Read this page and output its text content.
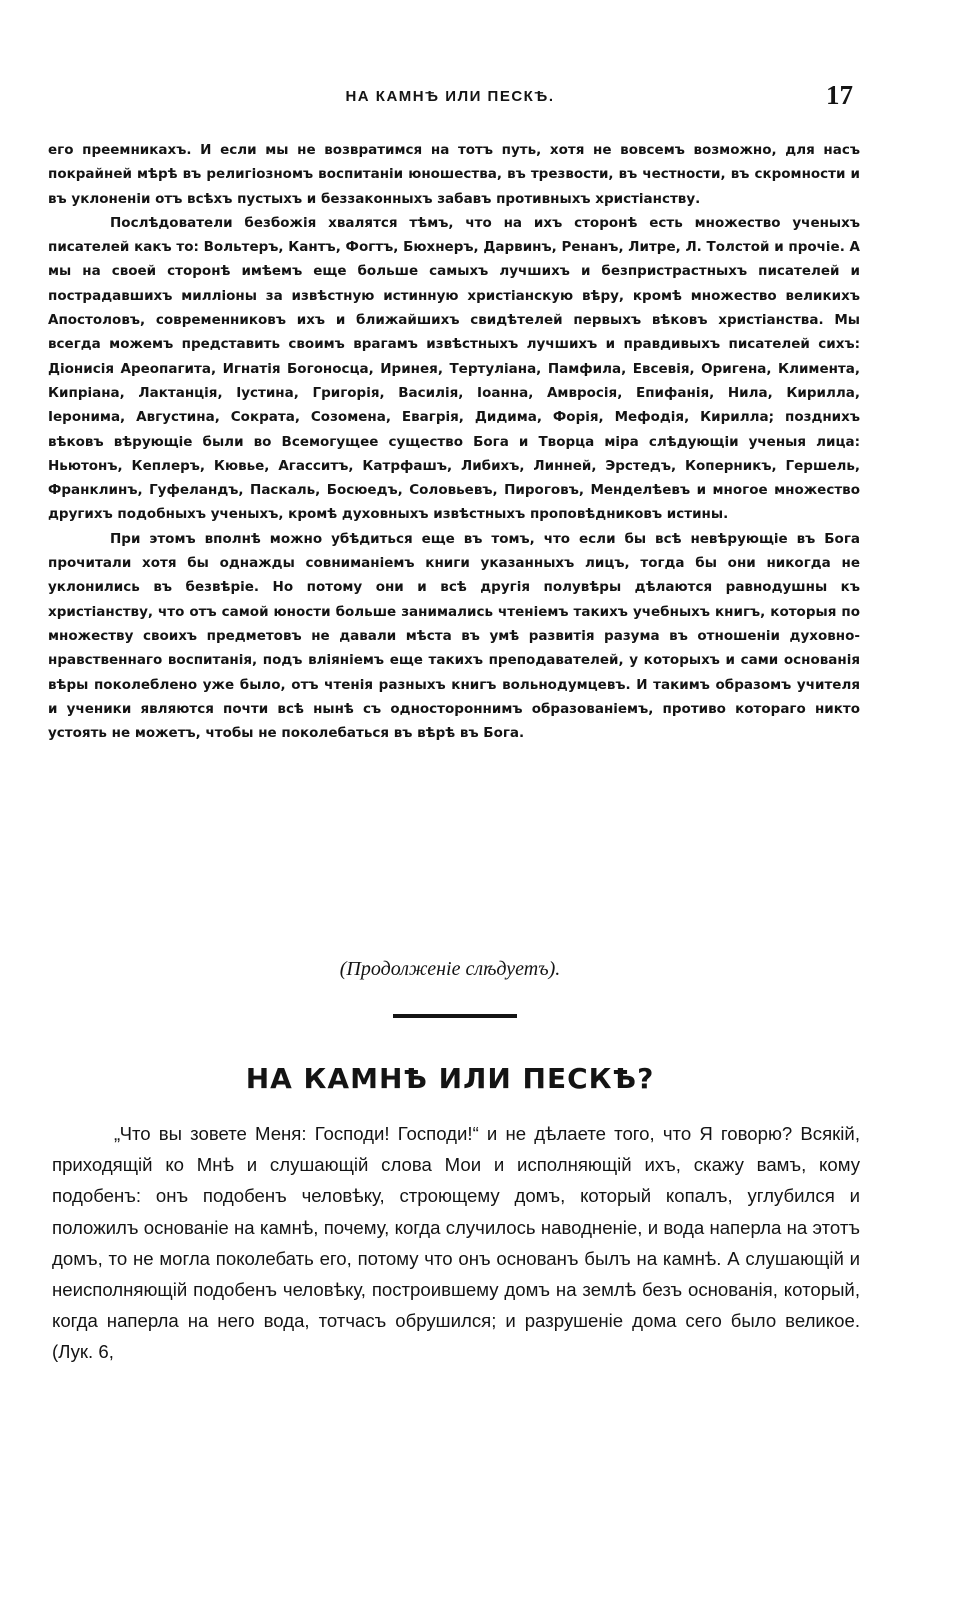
НА КАМНѢ ИЛИ ПЕСКѢ.	17

его преемникахъ. И если мы не возвратимся на тотъ путь, хотя не вовсемъ возможно, для насъ покрайней мѣрѣ въ религіозномъ воспитаніи юношества, въ трезвости, въ честности, въ скромности и въ уклоненіи отъ всѣхъ пустыхъ и беззаконныхъ забавъ противныхъ христіанству.

Послѣдователи безбожія хвалятся тѣмъ, что на ихъ сторонѣ есть множество ученыхъ писателей какъ то: Вольтеръ, Кантъ, Фогтъ, Бюхнеръ, Дарвинъ, Ренанъ, Литре, Л. Толстой и прочіе. А мы на своей сторонѣ имѣемъ еще больше самыхъ лучшихъ и безпристрастныхъ писателей и пострадавшихъ милліоны за извѣстную истинную христіанскую вѣру, кромѣ множество великихъ Апостоловъ, современниковъ ихъ и ближайшихъ свидѣтелей первыхъ вѣковъ христіанства. Мы всегда можемъ представить своимъ врагамъ извѣстныхъ лучшихъ и правдивыхъ писателей сихъ: Діонисія Ареопагита, Игнатія Богоносца, Иринея, Тертуліана, Памфила, Евсевія, Оригена, Климента, Кипріана, Лактанція, Іустина, Григорія, Василія, Іоанна, Амвросія, Епифанія, Нила, Кирилла, Іеронима, Августина, Сократа, Созомена, Евагрія, Дидима, Форія, Мефодія, Кирилла; позднихъ вѣковъ вѣрующіе были во Всемогущее существо Бога и Творца міра слѣдующіи ученыя лица: Ньютонъ, Кеплеръ, Кювье, Агасситъ, Катрфашъ, Либихъ, Линней, Эрстедъ, Коперникъ, Гершель, Франклинъ, Гуфеландъ, Паскаль, Босюедъ, Соловьевъ, Пироговъ, Менделѣевъ и многое множество другихъ подобныхъ ученыхъ, кромѣ духовныхъ извѣстныхъ проповѣдниковъ истины.

При этомъ вполнѣ можно убѣдиться еще въ томъ, что если бы всѣ невѣрующіе въ Бога прочитали хотя бы однажды совниманіемъ книги указанныхъ лицъ, тогда бы они никогда не уклонились въ безвѣріе. Но потому они и всѣ другія полувѣры дѣлаются равнодушны къ христіанству, что отъ самой юности больше занимались чтеніемъ такихъ учебныхъ книгъ, которыя по множеству своихъ предметовъ не давали мѣста въ умѣ развитія разума въ отношеніи духовно-нравственнаго воспитанія, подъ вліяніемъ еще такихъ преподавателей, у которыхъ и сами основанія вѣры поколеблено уже было, отъ чтенія разныхъ книгъ вольнодумцевъ. И такимъ образомъ учителя и ученики являются почти всѣ нынѣ съ одностороннимъ образованіемъ, противо котораго никто устоять не можетъ, чтобы не поколебаться въ вѣрѣ въ Бога.

(Продолженіе слѣдуетъ).
НА КАМНѢ ИЛИ ПЕСКѢ?

„Что вы зовете Меня: Господи! Господи!“ и не дѣлаете того, что Я говорю? Всякій, приходящій ко Мнѣ и слушающій слова Мои и исполняющій ихъ, скажу вамъ, кому подобенъ: онъ подобенъ человѣку, строющему домъ, который копалъ, углубился и положилъ основаніе на камнѣ, почему, когда случилось наводненіе, и вода наперла на этотъ домъ, то не могла поколебать его, потому что онъ основанъ былъ на камнѣ. А слушающій и неисполняющій подобенъ человѣку, построившему домъ на землѣ безъ основанія, который, когда наперла на него вода, тотчасъ обрушился; и разрушеніе дома сего было великое. (Лук. 6,
